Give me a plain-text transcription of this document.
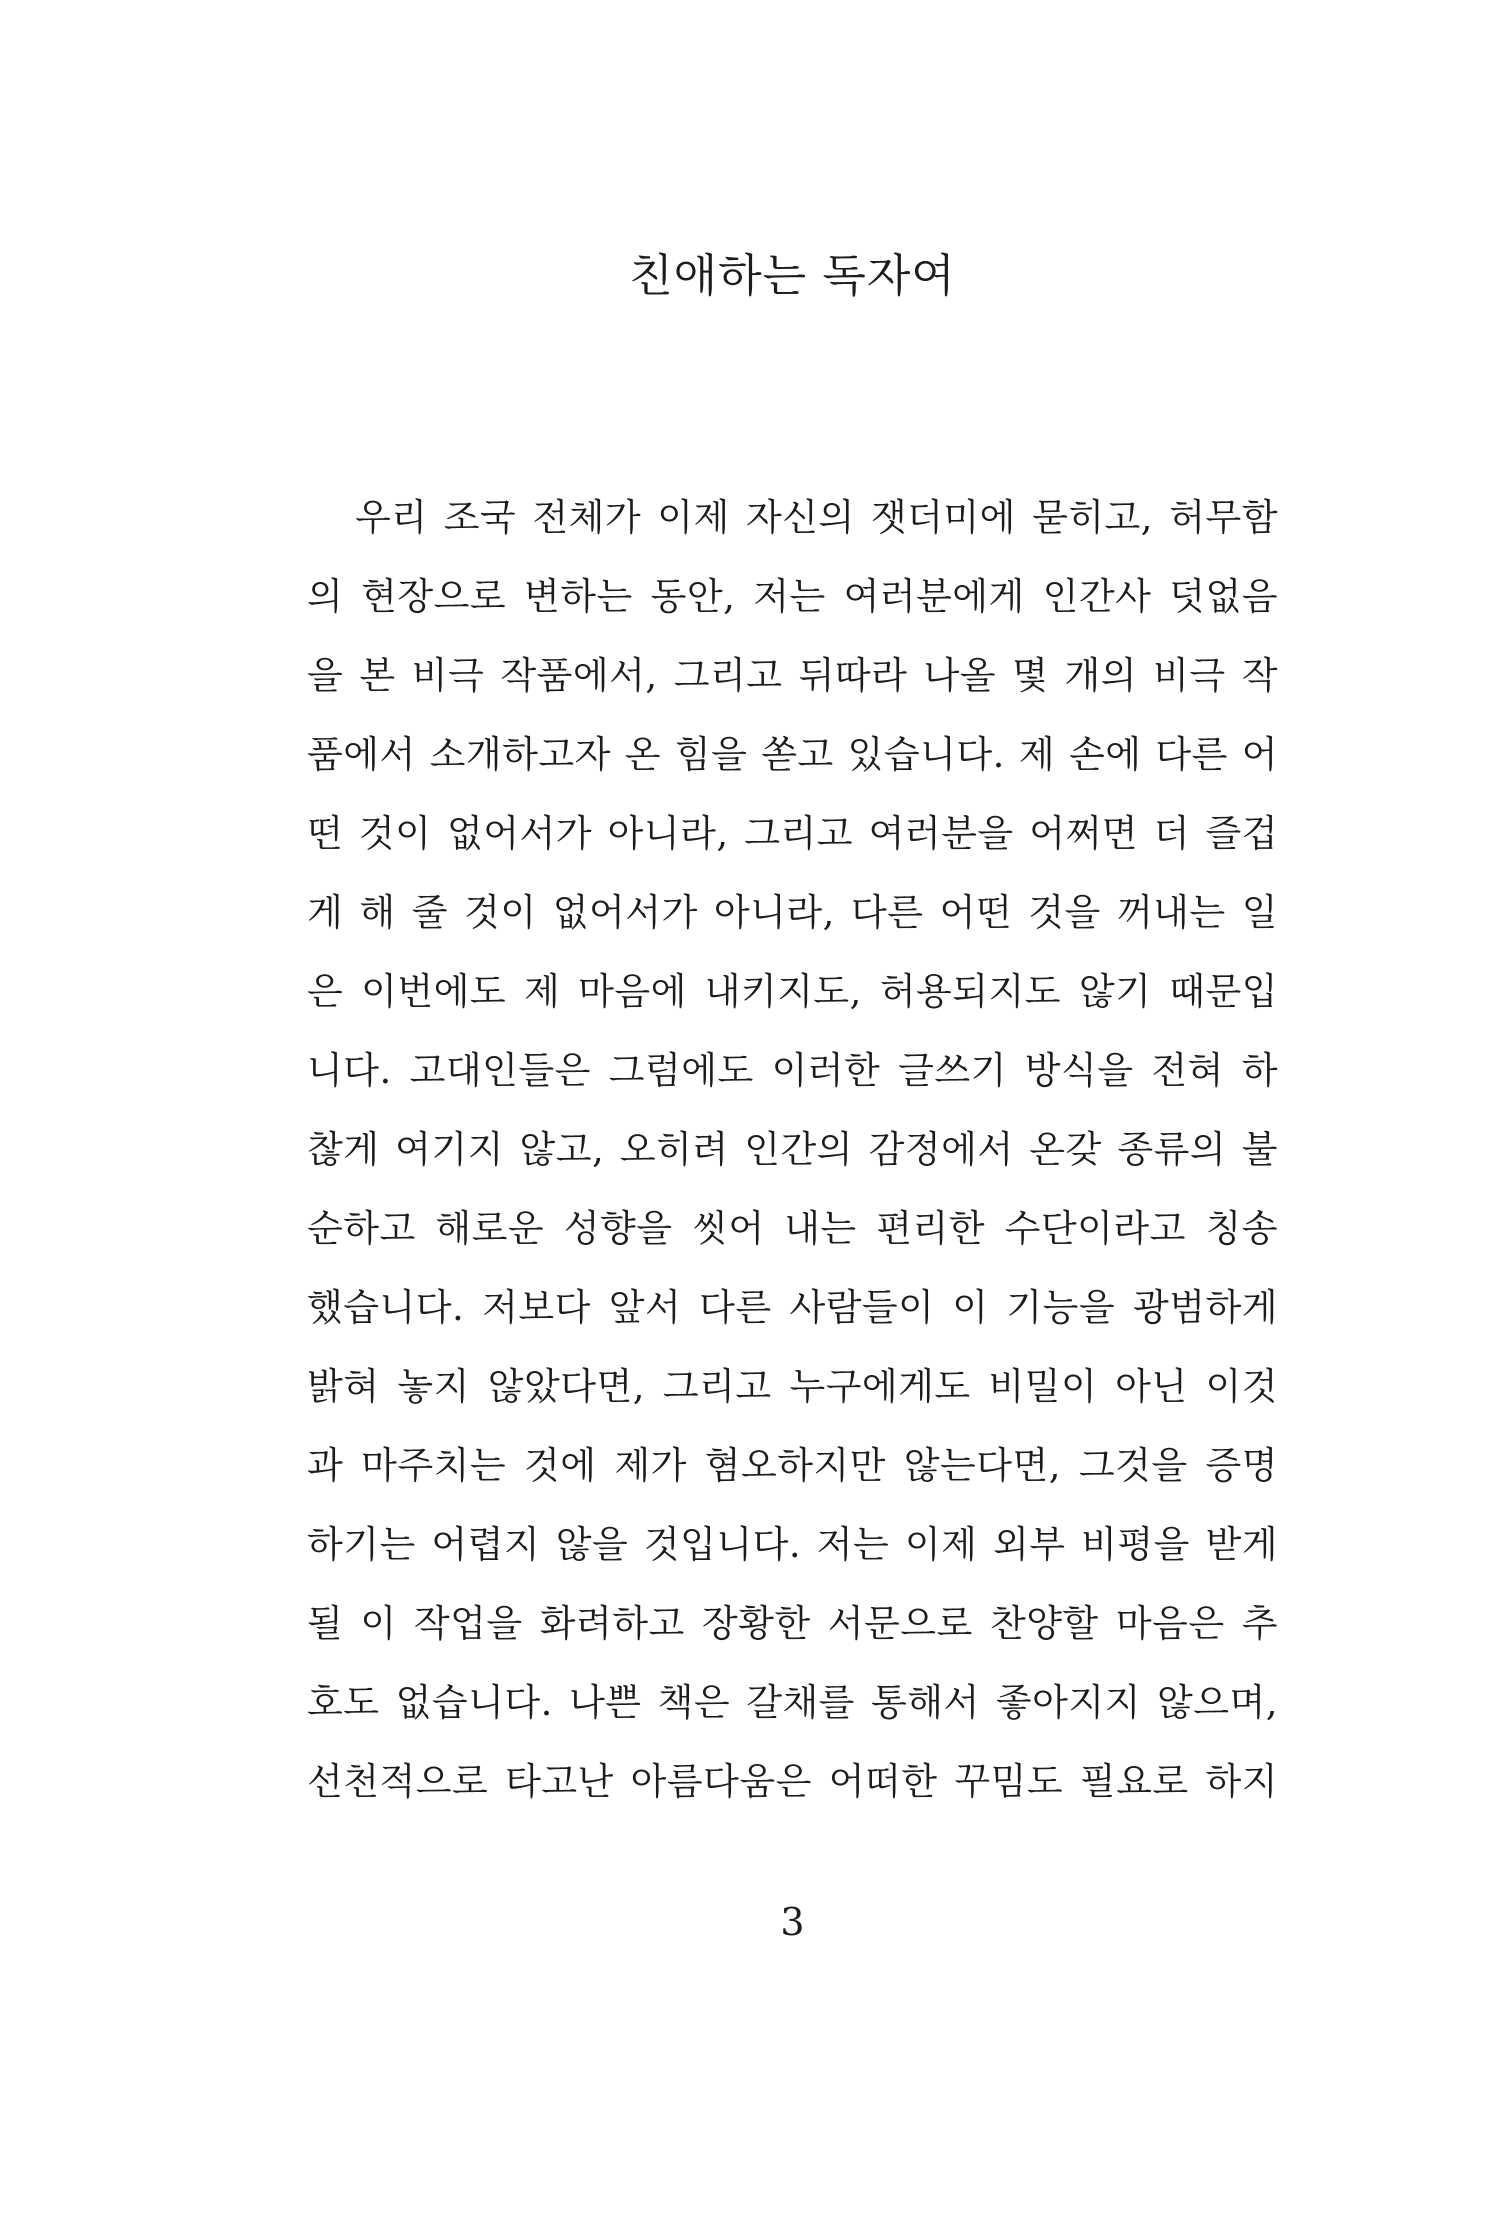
친애하는 독자여
우리 조국 전체가 이제 자신의 잿더미에 묻히고, 허무함
의 현장으로 변하는 동안, 저는 여러분에게 인간사 덧없음
을 본 비극 작품에서, 그리고 뒤따라 나올 몇 개의 비극 작
품에서 소개하고자 온 힘을 쏟고 있습니다. 제 손에 다른 어
떤 것이 없어서가 아니라, 그리고 여러분을 어쩌면 더 즐겁
게 해 줄 것이 없어서가 아니라, 다른 어떤 것을 꺼내는 일
은 이번에도 제 마음에 내키지도, 허용되지도 않기 때문입
니다. 고대인들은 그럼에도 이러한 글쓰기 방식을 전혀 하
찮게 여기지 않고, 오히려 인간의 감정에서 온갖 종류의 불
순하고 해로운 성향을 씻어 내는 편리한 수단이라고 칭송
했습니다. 저보다 앞서 다른 사람들이 이 기능을 광범하게
밝혀 놓지 않았다면, 그리고 누구에게도 비밀이 아닌 이것
과 마주치는 것에 제가 혐오하지만 않는다면, 그것을 증명
하기는 어렵지 않을 것입니다. 저는 이제 외부 비평을 받게
될 이 작업을 화려하고 장황한 서문으로 찬양할 마음은 추
호도 없습니다. 나쁜 책은 갈채를 통해서 좋아지지 않으며,
선천적으로 타고난 아름다움은 어떠한 꾸밈도 필요로 하지
3
